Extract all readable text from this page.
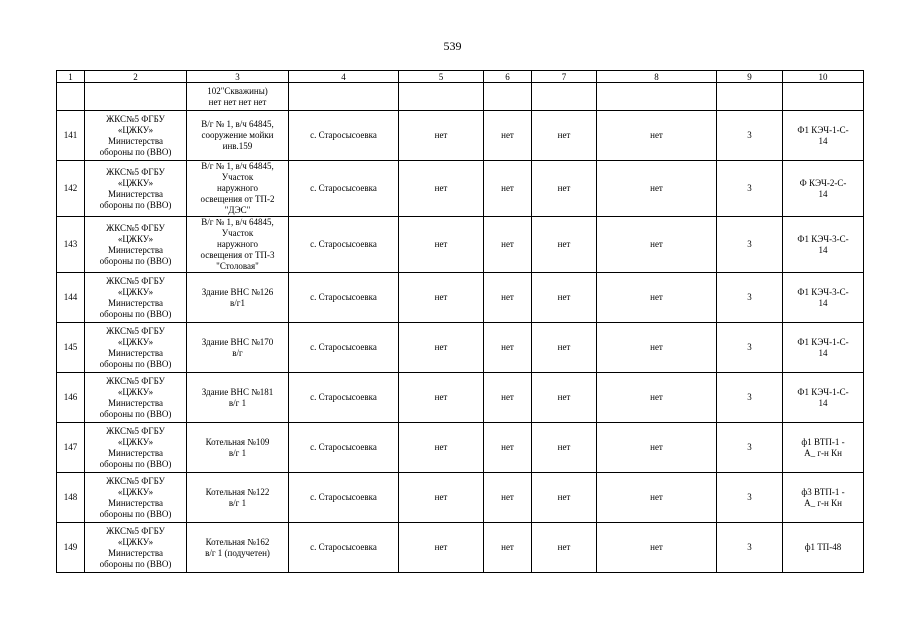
539
1	2	3	4	5	6	7	8	9	10
		102"Скважины)
нет нет нет нет							
141	ЖКС№5 ФГБУ
«ЦЖКУ»
Министерства
обороны по (ВВО)	В/г № 1, в/ч 64845,
сооружение мойки
инв.159	с. Старосысоевка	нет	нет	нет	нет	3	Ф1 КЭЧ-1-С-
14
142	ЖКС№5 ФГБУ
«ЦЖКУ»
Министерства
обороны по (ВВО)	В/г № 1, в/ч 64845,
Участок
наружного
освещения от ТП-2
"ДЭС"	с. Старосысоевка	нет	нет	нет	нет	3	Ф КЭЧ-2-С-
14
143	ЖКС№5 ФГБУ
«ЦЖКУ»
Министерства
обороны по (ВВО)	В/г № 1, в/ч 64845,
Участок
наружного
освещения от ТП-3
"Столовая"	с. Старосысоевка	нет	нет	нет	нет	3	Ф1 КЭЧ-3-С-
14
144	ЖКС№5 ФГБУ
«ЦЖКУ»
Министерства
обороны по (ВВО)	Здание ВНС №126
в/г1	с. Старосысоевка	нет	нет	нет	нет	3	Ф1 КЭЧ-3-С-
14
145	ЖКС№5 ФГБУ
«ЦЖКУ»
Министерства
обороны по (ВВО)	Здание ВНС №170
в/г	с. Старосысоевка	нет	нет	нет	нет	3	Ф1 КЭЧ-1-С-
14
146	ЖКС№5 ФГБУ
«ЦЖКУ»
Министерства
обороны по (ВВО)	Здание ВНС №181
в/г 1	с. Старосысоевка	нет	нет	нет	нет	3	Ф1 КЭЧ-1-С-
14
147	ЖКС№5 ФГБУ
«ЦЖКУ»
Министерства
обороны по (ВВО)	Котельная №109
в/г 1	с. Старосысоевка	нет	нет	нет	нет	3	ф1 ВТП-1 -
А_ г-н Кн
148	ЖКС№5 ФГБУ
«ЦЖКУ»
Министерства
обороны по (ВВО)	Котельная №122
в/г 1	с. Старосысоевка	нет	нет	нет	нет	3	ф3 ВТП-1 -
А_ г-н Кн
149	ЖКС№5 ФГБУ
«ЦЖКУ»
Министерства
обороны по (ВВО)	Котельная №162
в/г 1 (подучетен)	с. Старосысоевка	нет	нет	нет	нет	3	ф1 ТП-48
